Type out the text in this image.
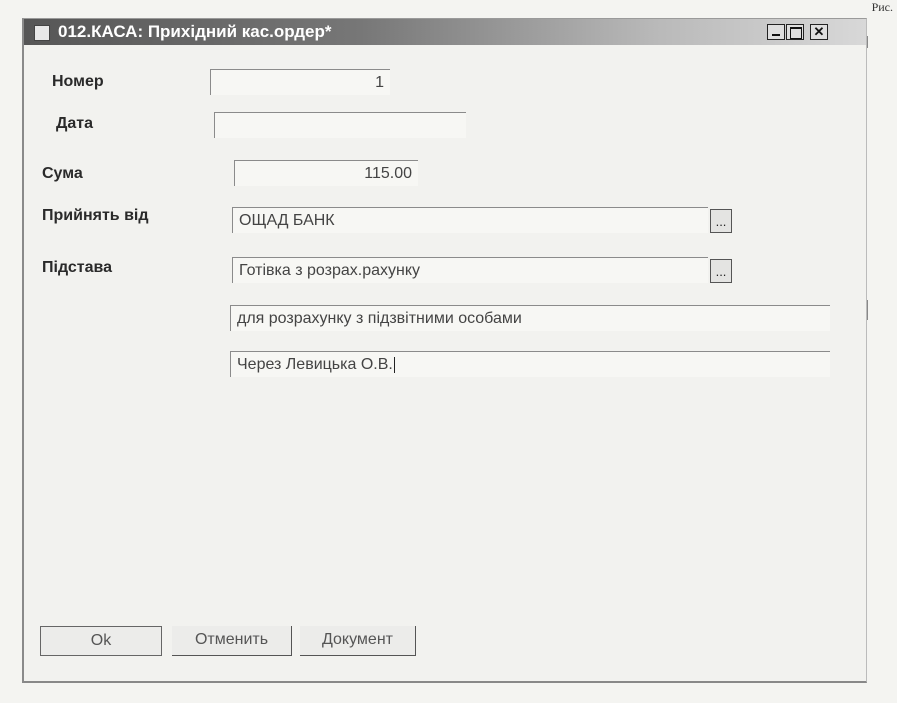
Рис.
012.КАСА: Прихідний кас.ордер*	✕
Номер	1
Дата
Сума	115.00
Прийнять від	ОЩАД БАНК	...
Підстава	Готівка з розрах.рахунку	...
для розрахунку з підзвітними особами
Через Левицька О.В.
Ok	Отменить	Документ
